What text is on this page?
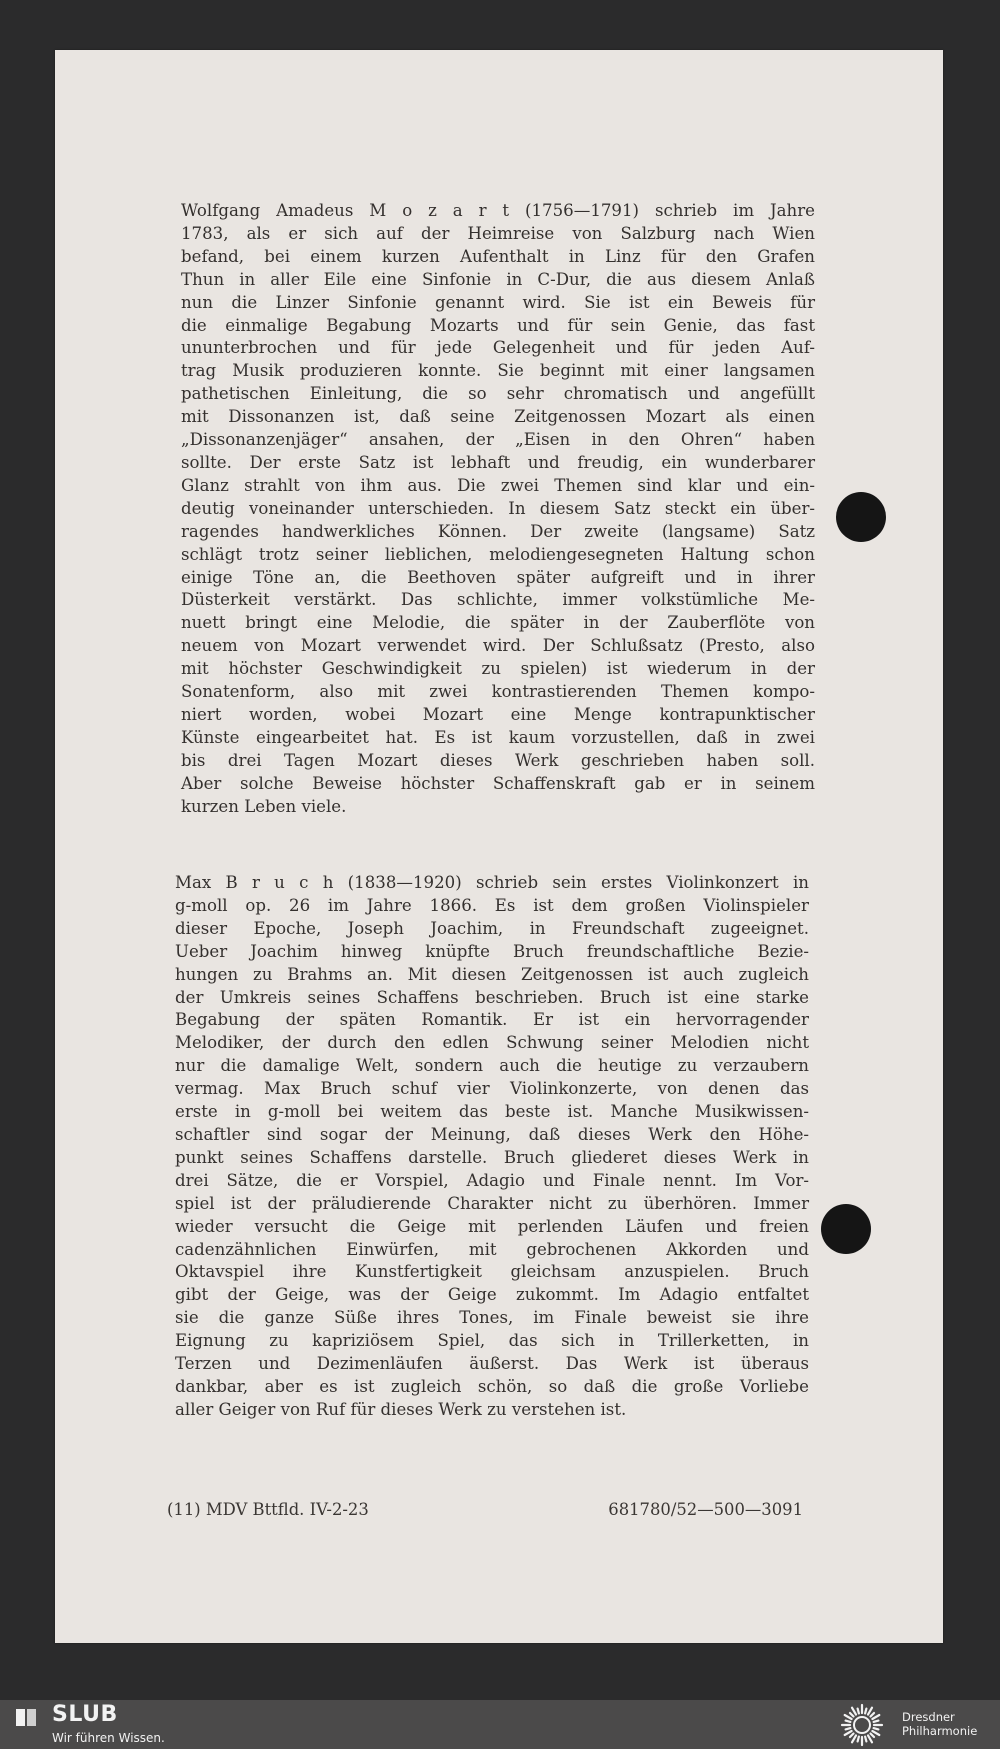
Wolfgang Amadeus M o z a r t (1756—1791) schrieb im Jahre
1783, als er sich auf der Heimreise von Salzburg nach Wien
befand, bei einem kurzen Aufenthalt in Linz für den Grafen
Thun in aller Eile eine Sinfonie in C-Dur, die aus diesem Anlaß
nun die Linzer Sinfonie genannt wird. Sie ist ein Beweis für
die einmalige Begabung Mozarts und für sein Genie, das fast
ununterbrochen und für jede Gelegenheit und für jeden Auf-
trag Musik produzieren konnte. Sie beginnt mit einer langsamen
pathetischen Einleitung, die so sehr chromatisch und angefüllt
mit Dissonanzen ist, daß seine Zeitgenossen Mozart als einen
„Dissonanzenjäger“ ansahen, der „Eisen in den Ohren“ haben
sollte. Der erste Satz ist lebhaft und freudig, ein wunderbarer
Glanz strahlt von ihm aus. Die zwei Themen sind klar und ein-
deutig voneinander unterschieden. In diesem Satz steckt ein über-
ragendes handwerkliches Können. Der zweite (langsame) Satz
schlägt trotz seiner lieblichen, melodiengesegneten Haltung schon
einige Töne an, die Beethoven später aufgreift und in ihrer
Düsterkeit verstärkt. Das schlichte, immer volkstümliche Me-
nuett bringt eine Melodie, die später in der Zauberflöte von
neuem von Mozart verwendet wird. Der Schlußsatz (Presto, also
mit höchster Geschwindigkeit zu spielen) ist wiederum in der
Sonatenform, also mit zwei kontrastierenden Themen kompo-
niert worden, wobei Mozart eine Menge kontrapunktischer
Künste eingearbeitet hat. Es ist kaum vorzustellen, daß in zwei
bis drei Tagen Mozart dieses Werk geschrieben haben soll.
Aber solche Beweise höchster Schaffenskraft gab er in seinem
kurzen Leben viele.
Max B r u c h (1838—1920) schrieb sein erstes Violinkonzert in
g-moll op. 26 im Jahre 1866. Es ist dem großen Violinspieler
dieser Epoche, Joseph Joachim, in Freundschaft zugeeignet.
Ueber Joachim hinweg knüpfte Bruch freundschaftliche Bezie-
hungen zu Brahms an. Mit diesen Zeitgenossen ist auch zugleich
der Umkreis seines Schaffens beschrieben. Bruch ist eine starke
Begabung der späten Romantik. Er ist ein hervorragender
Melodiker, der durch den edlen Schwung seiner Melodien nicht
nur die damalige Welt, sondern auch die heutige zu verzaubern
vermag. Max Bruch schuf vier Violinkonzerte, von denen das
erste in g-moll bei weitem das beste ist. Manche Musikwissen-
schaftler sind sogar der Meinung, daß dieses Werk den Höhe-
punkt seines Schaffens darstelle. Bruch gliederet dieses Werk in
drei Sätze, die er Vorspiel, Adagio und Finale nennt. Im Vor-
spiel ist der präludierende Charakter nicht zu überhören. Immer
wieder versucht die Geige mit perlenden Läufen und freien
cadenzähnlichen Einwürfen, mit gebrochenen Akkorden und
Oktavspiel ihre Kunstfertigkeit gleichsam anzuspielen. Bruch
gibt der Geige, was der Geige zukommt. Im Adagio entfaltet
sie die ganze Süße ihres Tones, im Finale beweist sie ihre
Eignung zu kapriziösem Spiel, das sich in Trillerketten, in
Terzen und Dezimenläufen äußerst. Das Werk ist überaus
dankbar, aber es ist zugleich schön, so daß die große Vorliebe
aller Geiger von Ruf für dieses Werk zu verstehen ist.
(11) MDV Bttfld. IV-2-23	681780/52—500—3091
SLUB
Wir führen Wissen.
Dresdner
Philharmonie
